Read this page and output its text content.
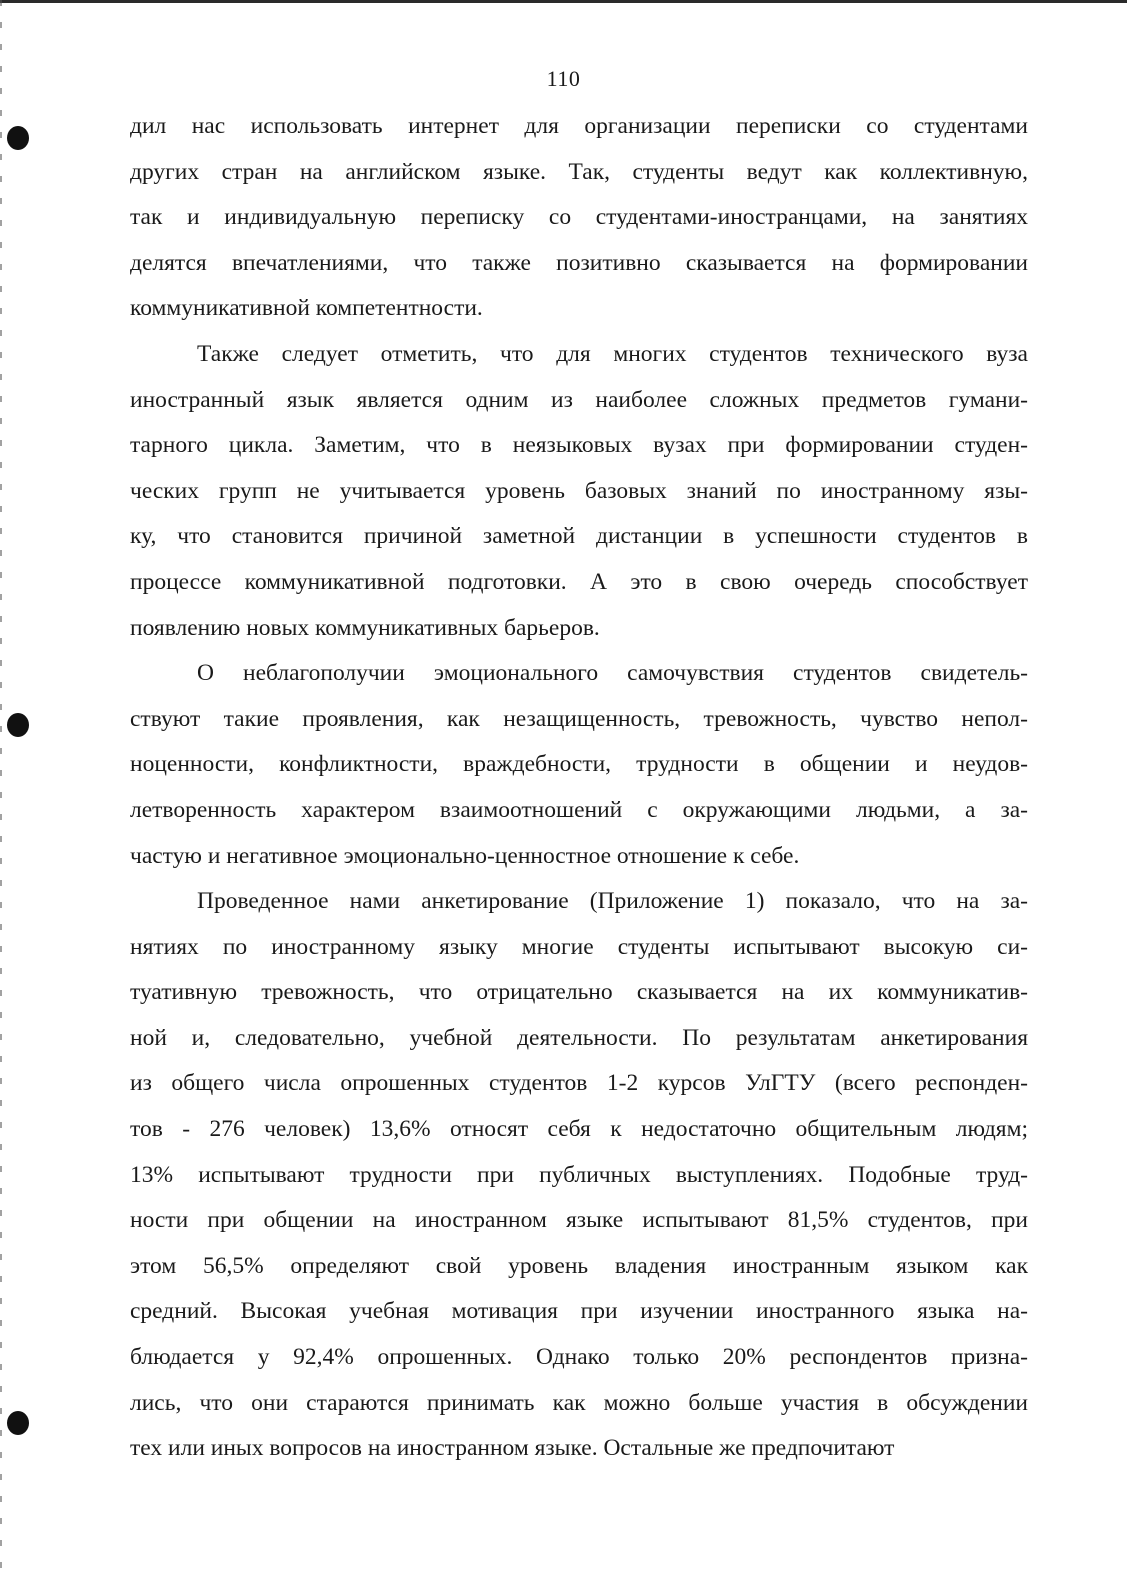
110
дил нас использовать интернет для организации переписки со студентами
других стран на английском языке. Так, студенты ведут как коллективную,
так и индивидуальную переписку со студентами-иностранцами, на занятиях
делятся впечатлениями, что также позитивно сказывается на формировании
коммуникативной компетентности.
Также следует отметить, что для многих студентов технического вуза
иностранный язык является одним из наиболее сложных предметов гумани-
тарного цикла. Заметим, что в неязыковых вузах при формировании студен-
ческих групп не учитывается уровень базовых знаний по иностранному язы-
ку, что становится причиной заметной дистанции в успешности студентов в
процессе коммуникативной подготовки. А это в свою очередь способствует
появлению новых коммуникативных барьеров.
О неблагополучии эмоционального самочувствия студентов свидетель-
ствуют такие проявления, как незащищенность, тревожность, чувство непол-
ноценности, конфликтности, враждебности, трудности в общении и неудов-
летворенность характером взаимоотношений с окружающими людьми, а за-
частую и негативное эмоционально-ценностное отношение к себе.
Проведенное нами анкетирование (Приложение 1) показало, что на за-
нятиях по иностранному языку многие студенты испытывают высокую си-
туативную тревожность, что отрицательно сказывается на их коммуникатив-
ной и, следовательно, учебной деятельности. По результатам анкетирования
из общего числа опрошенных студентов 1-2 курсов УлГТУ (всего респонден-
тов - 276 человек) 13,6% относят себя к недостаточно общительным людям;
13% испытывают трудности при публичных выступлениях. Подобные труд-
ности при общении на иностранном языке испытывают 81,5% студентов, при
этом 56,5% определяют свой уровень владения иностранным языком как
средний. Высокая учебная мотивация при изучении иностранного языка на-
блюдается у 92,4% опрошенных. Однако только 20% респондентов призна-
лись, что они стараются принимать как можно больше участия в обсуждении
тех или иных вопросов на иностранном языке. Остальные же предпочитают
